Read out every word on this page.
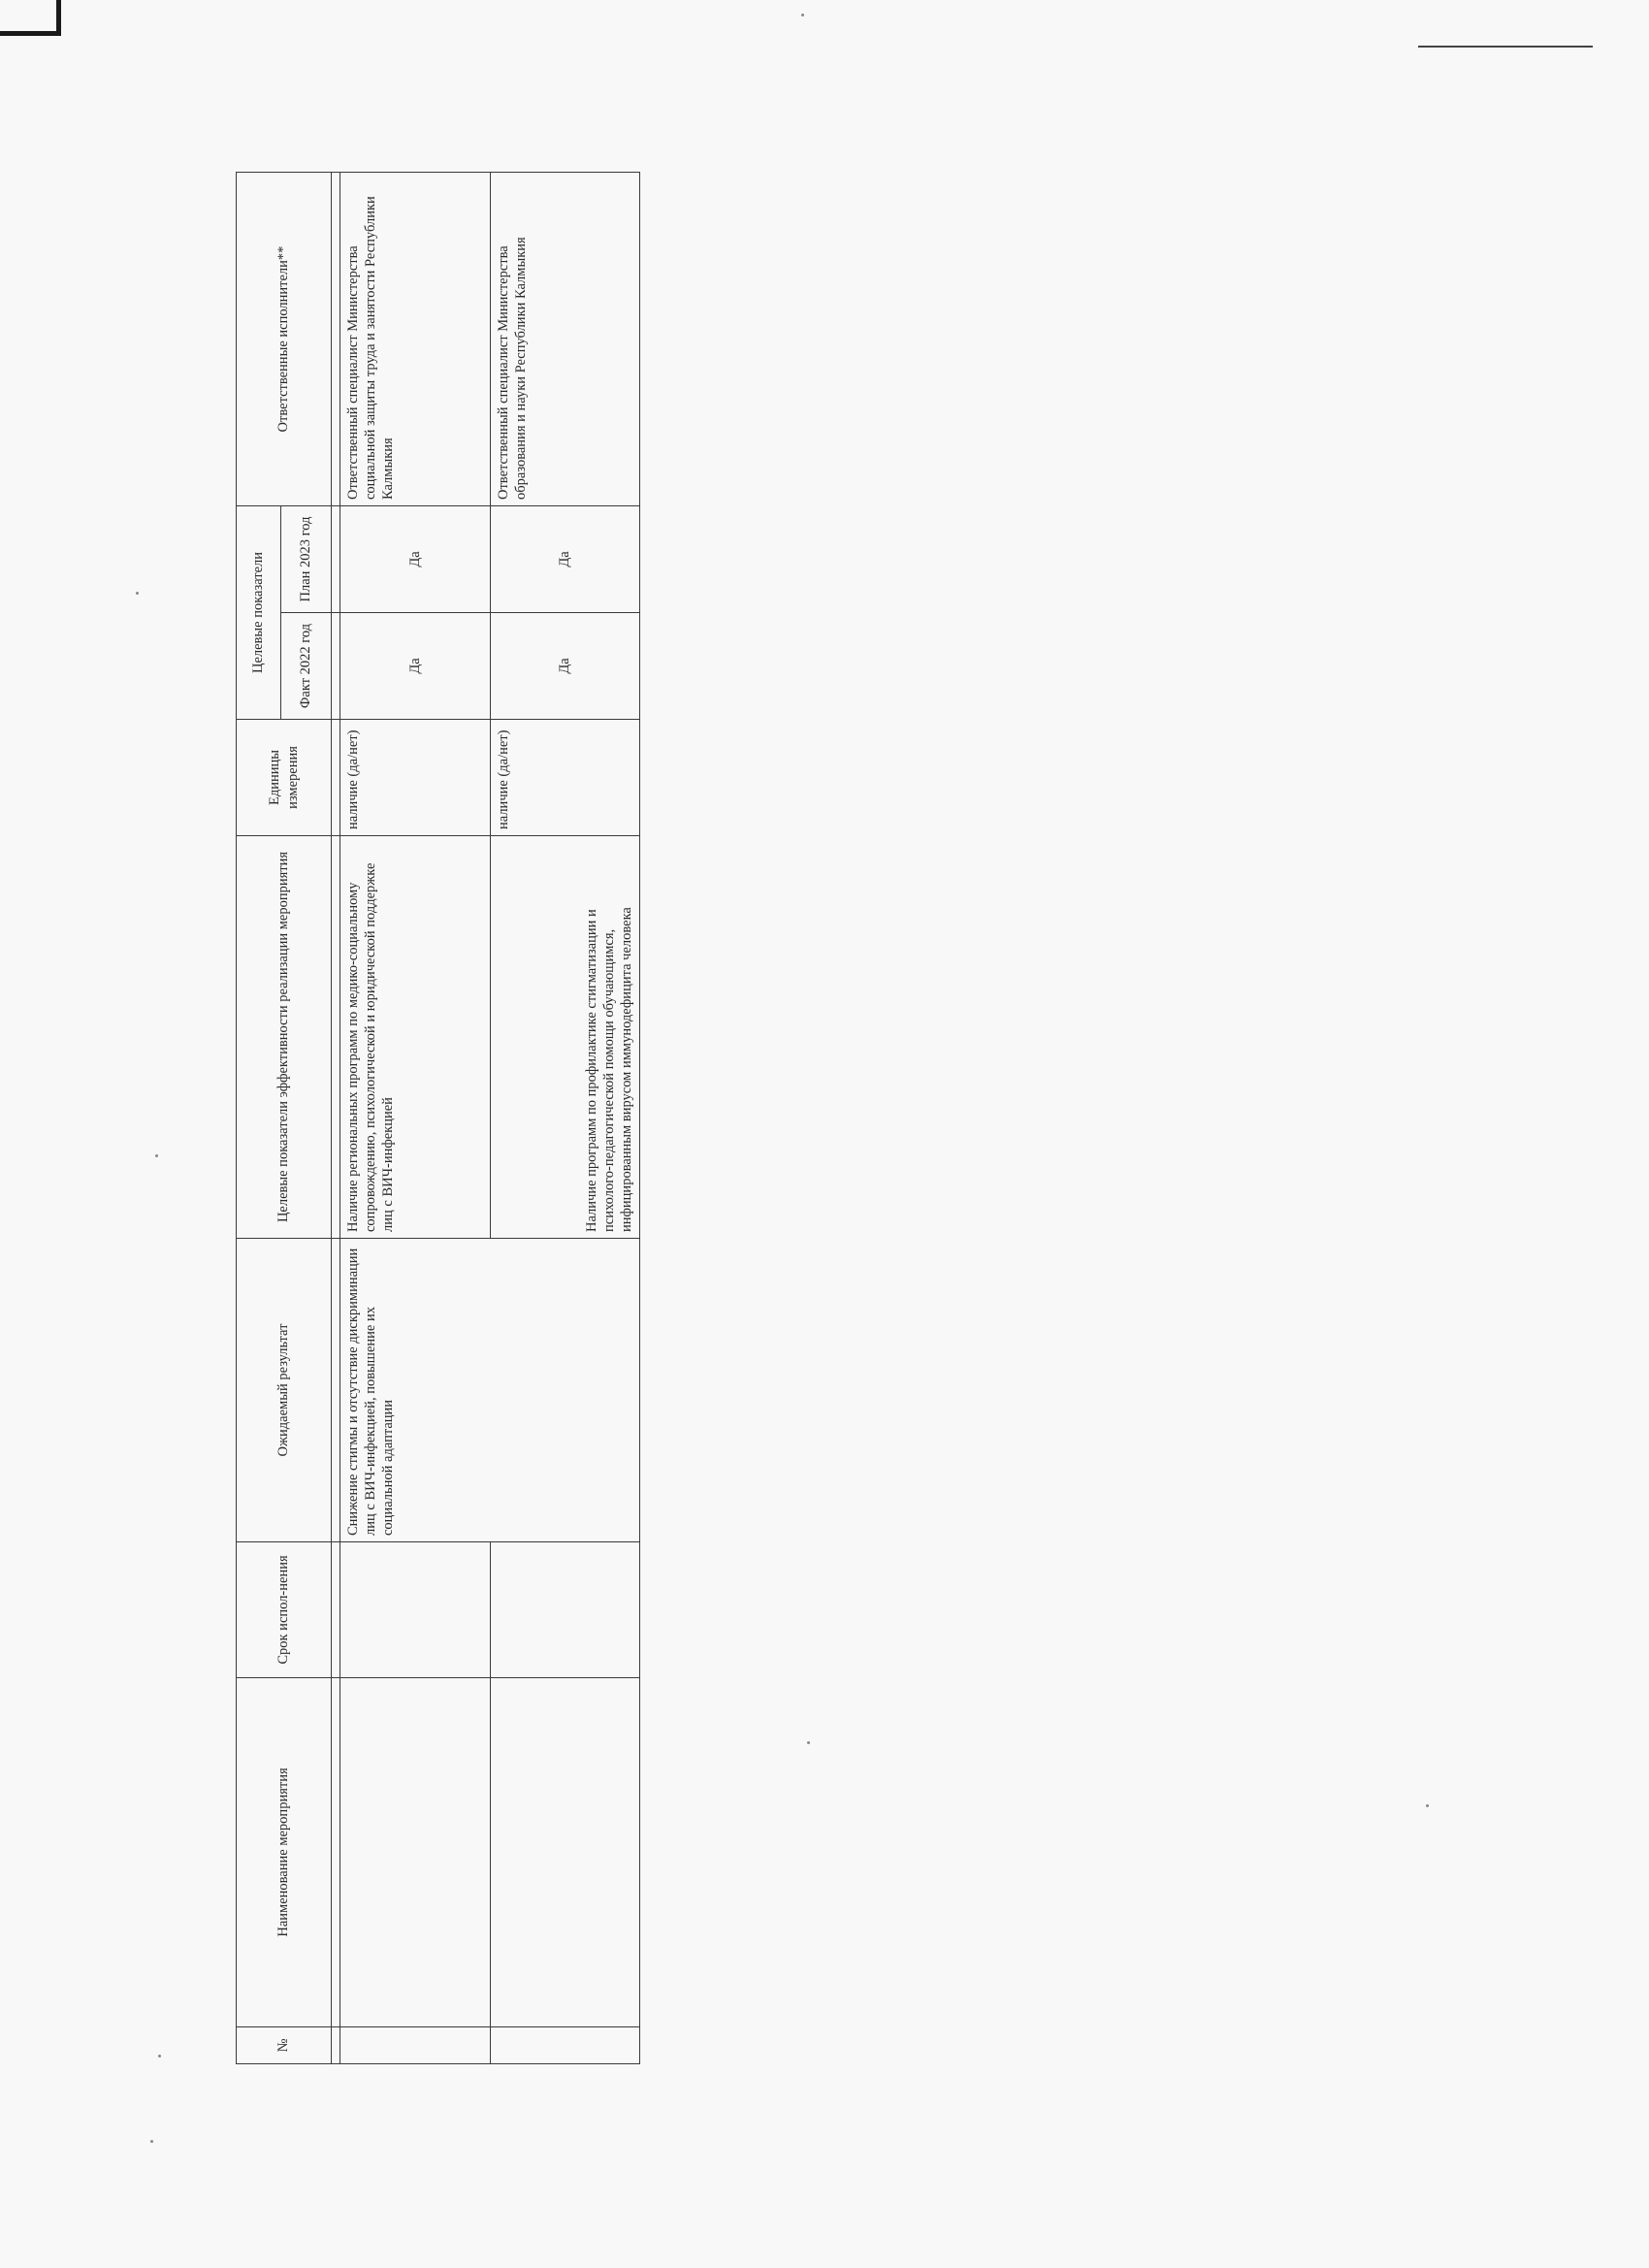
№	Наименование мероприятия	Срок испол-нения	Ожидаемый результат	Целевые показатели эффективности реализации мероприятия	Единицы измерения	Целевые показатели		Ответственные исполнители**
						Факт 2022 год	План 2023 год	

			Снижение стигмы и отсутствие дискриминации лиц с ВИЧ-инфекцией, повышение их социальной адаптации	Наличие региональных программ по медико-социальному сопровождению, психологической и юридической поддержке лиц с ВИЧ-инфекцией	наличие (да/нет)	Да	Да	Ответственный специалист Министерства социальной защиты труда и занятости Республики Калмыкия
				Наличие программ по профилактике стигматизации и психолого-педагогической помощи обучающимся, инфицированным вирусом иммунодефицита человека	наличие (да/нет)	Да	Да	Ответственный специалист Министерства образования и науки Республики Калмыкия
